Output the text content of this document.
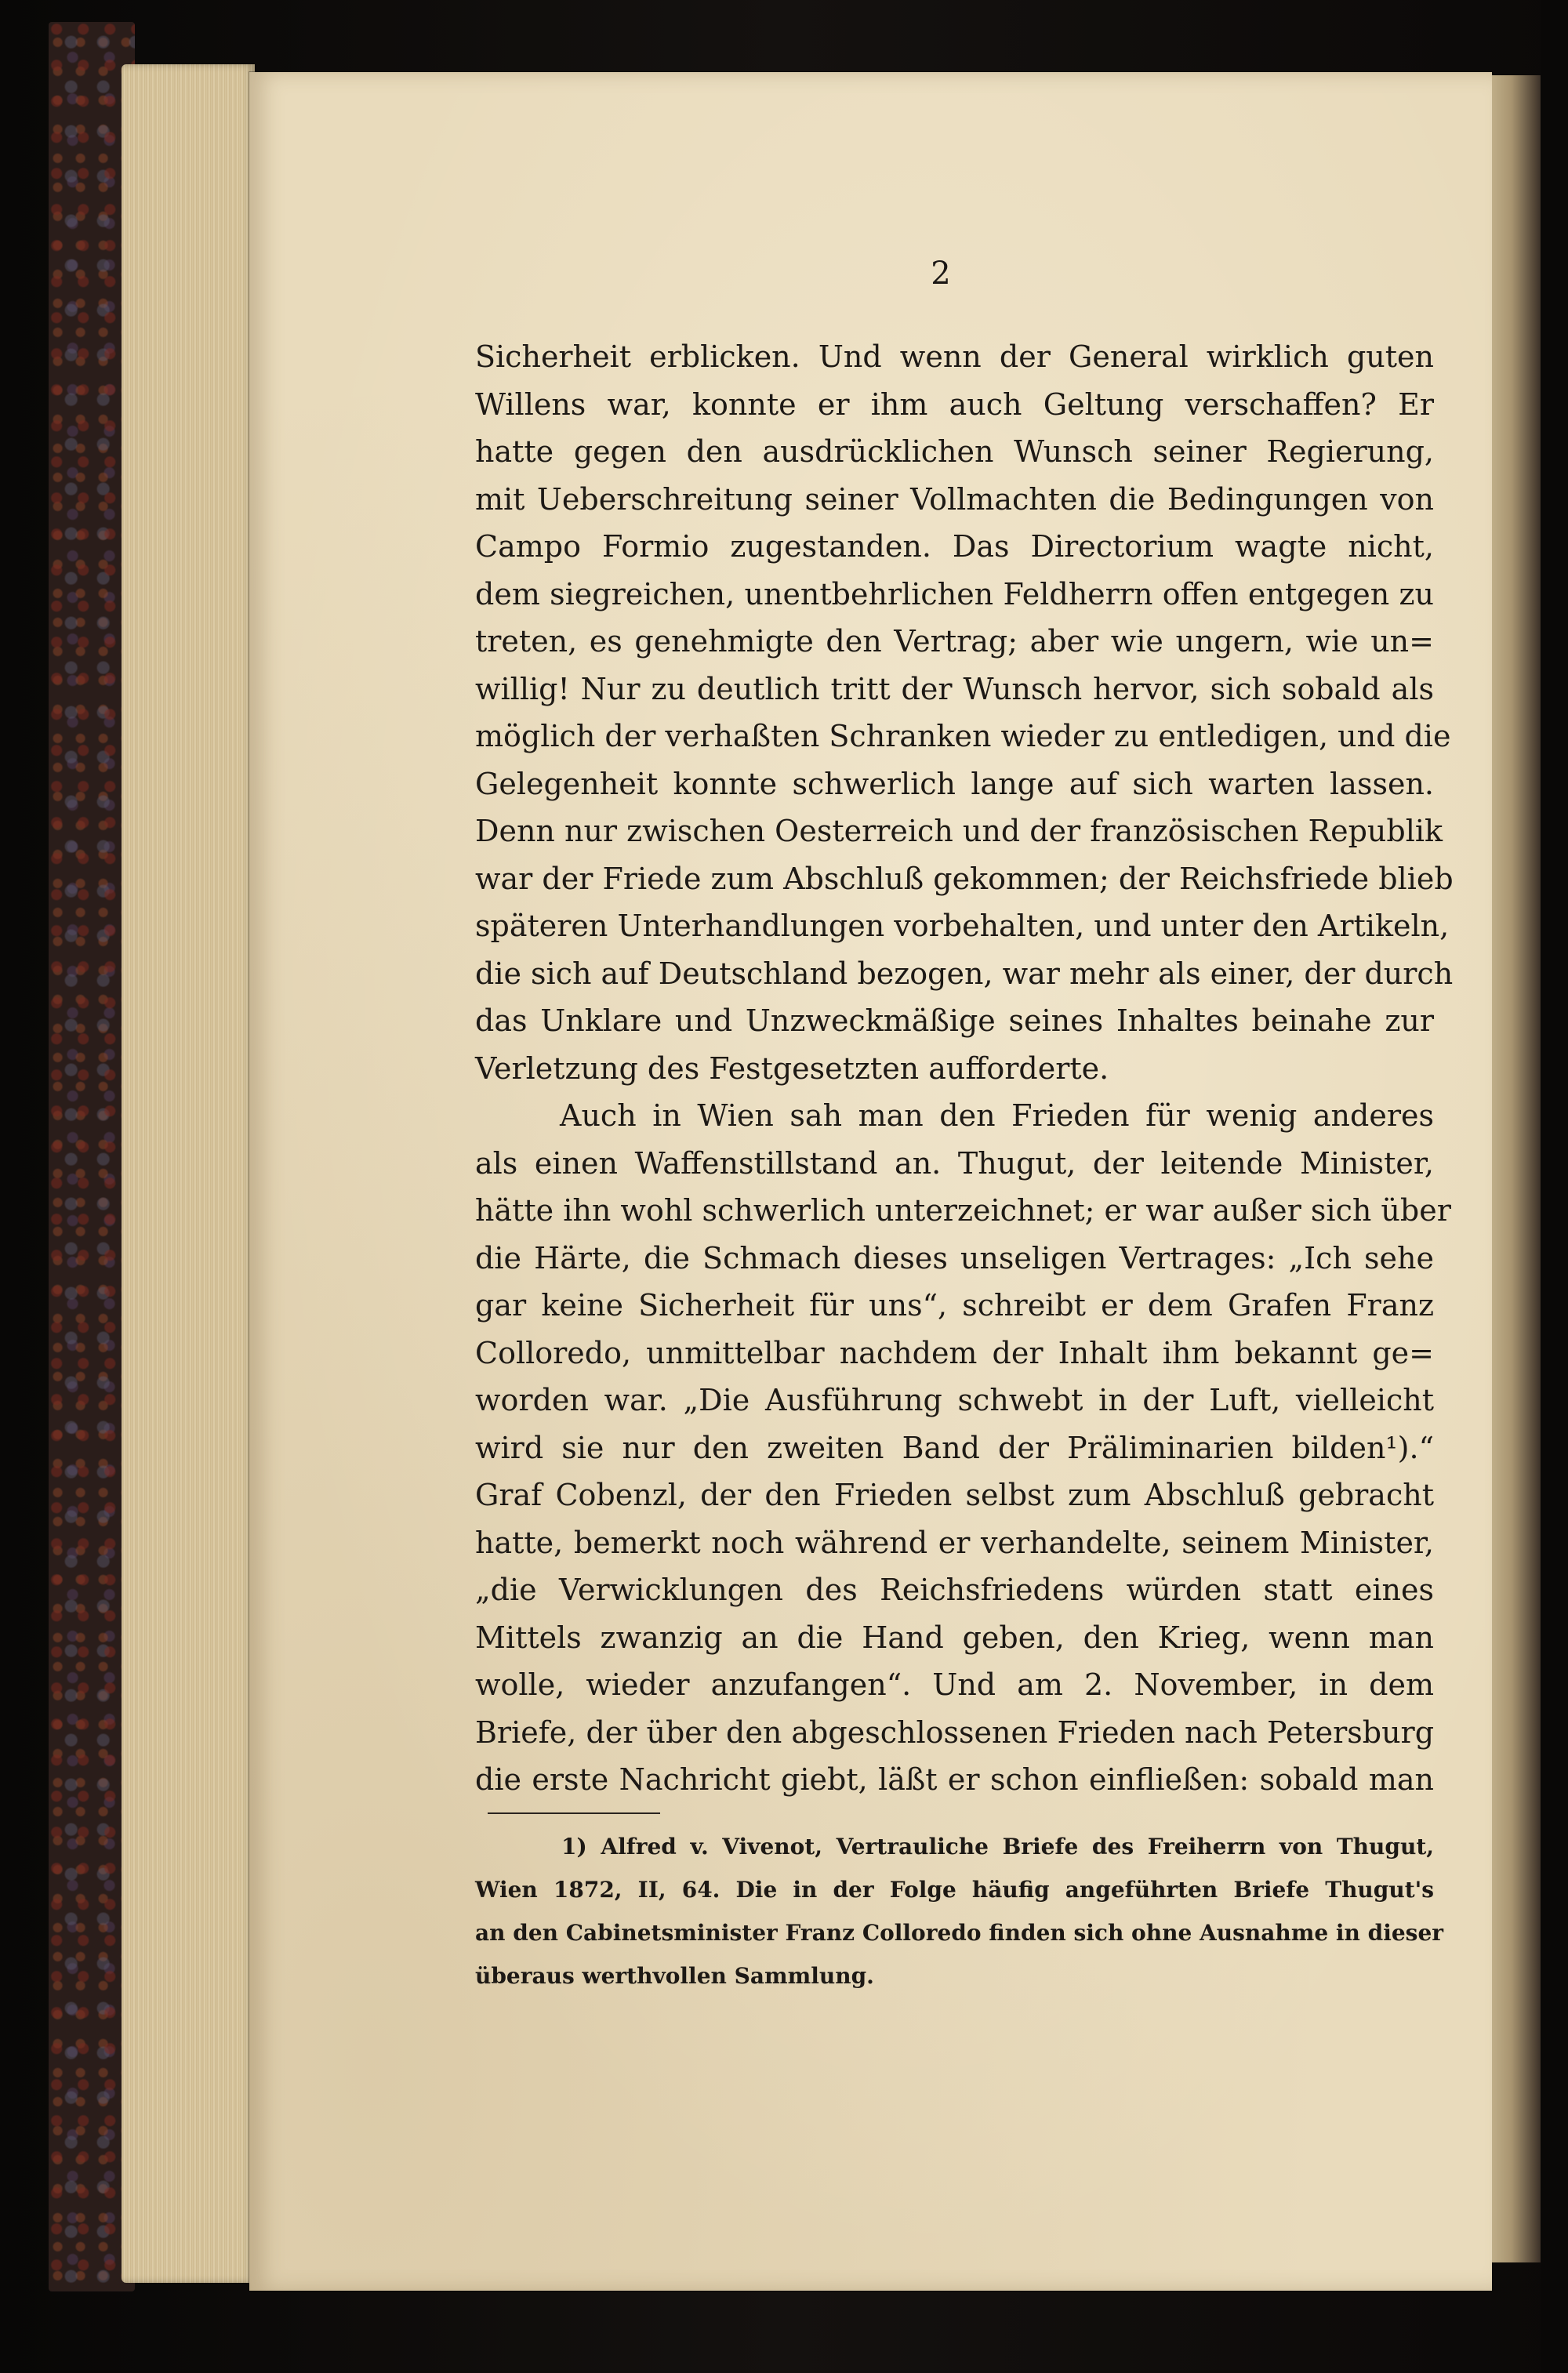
2
Sicherheit erblicken. Und wenn der General wirklich guten
Willens war, konnte er ihm auch Geltung verschaffen? Er
hatte gegen den ausdrücklichen Wunsch seiner Regierung,
mit Ueberschreitung seiner Vollmachten die Bedingungen von
Campo Formio zugestanden. Das Directorium wagte nicht,
dem siegreichen, unentbehrlichen Feldherrn offen entgegen zu
treten, es genehmigte den Vertrag; aber wie ungern, wie un=
willig! Nur zu deutlich tritt der Wunsch hervor, sich sobald als
möglich der verhaßten Schranken wieder zu entledigen, und die
Gelegenheit konnte schwerlich lange auf sich warten lassen.
Denn nur zwischen Oesterreich und der französischen Republik
war der Friede zum Abschluß gekommen; der Reichsfriede blieb
späteren Unterhandlungen vorbehalten, und unter den Artikeln,
die sich auf Deutschland bezogen, war mehr als einer, der durch
das Unklare und Unzweckmäßige seines Inhaltes beinahe zur
Verletzung des Festgesetzten aufforderte.
Auch in Wien sah man den Frieden für wenig anderes
als einen Waffenstillstand an. Thugut, der leitende Minister,
hätte ihn wohl schwerlich unterzeichnet; er war außer sich über
die Härte, die Schmach dieses unseligen Vertrages: „Ich sehe
gar keine Sicherheit für uns“, schreibt er dem Grafen Franz
Colloredo, unmittelbar nachdem der Inhalt ihm bekannt ge=
worden war. „Die Ausführung schwebt in der Luft, vielleicht
wird sie nur den zweiten Band der Präliminarien bilden¹).“
Graf Cobenzl, der den Frieden selbst zum Abschluß gebracht
hatte, bemerkt noch während er verhandelte, seinem Minister,
„die Verwicklungen des Reichsfriedens würden statt eines
Mittels zwanzig an die Hand geben, den Krieg, wenn man
wolle, wieder anzufangen“. Und am 2. November, in dem
Briefe, der über den abgeschlossenen Frieden nach Petersburg
die erste Nachricht giebt, läßt er schon einfließen: sobald man
1) Alfred v. Vivenot, Vertrauliche Briefe des Freiherrn von Thugut,
Wien 1872, II, 64. Die in der Folge häufig angeführten Briefe Thugut's
an den Cabinetsminister Franz Colloredo finden sich ohne Ausnahme in dieser
überaus werthvollen Sammlung.
